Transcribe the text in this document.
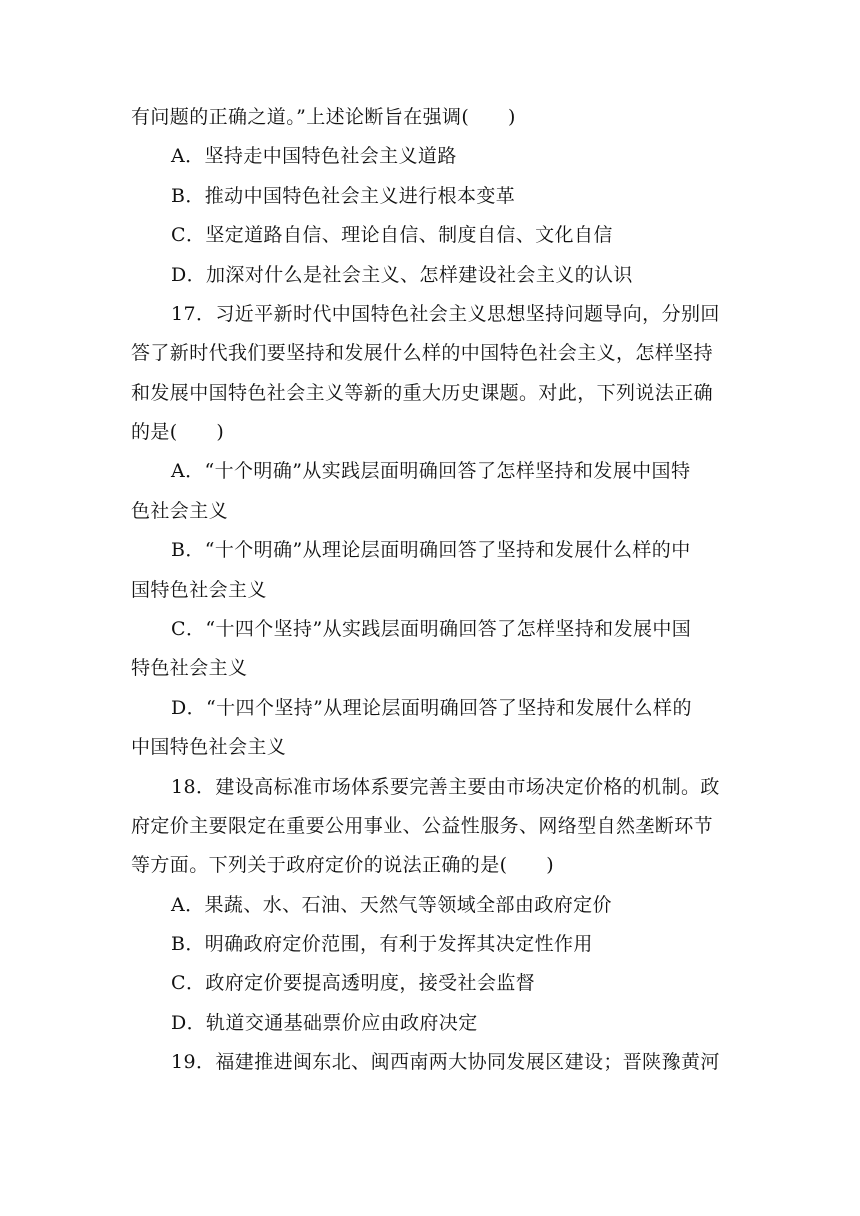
有问题的正确之道。”上述论断旨在强调(　　)
A．坚持走中国特色社会主义道路
B．推动中国特色社会主义进行根本变革
C．坚定道路自信、理论自信、制度自信、文化自信
D．加深对什么是社会主义、怎样建设社会主义的认识
17．习近平新时代中国特色社会主义思想坚持问题导向，分别回
答了新时代我们要坚持和发展什么样的中国特色社会主义，怎样坚持
和发展中国特色社会主义等新的重大历史课题。对此，下列说法正确
的是(　　)
A．“十个明确”从实践层面明确回答了怎样坚持和发展中国特
色社会主义
B．“十个明确”从理论层面明确回答了坚持和发展什么样的中
国特色社会主义
C．“十四个坚持”从实践层面明确回答了怎样坚持和发展中国
特色社会主义
D．“十四个坚持”从理论层面明确回答了坚持和发展什么样的
中国特色社会主义
18．建设高标准市场体系要完善主要由市场决定价格的机制。政
府定价主要限定在重要公用事业、公益性服务、网络型自然垄断环节
等方面。下列关于政府定价的说法正确的是(　　)
A．果蔬、水、石油、天然气等领域全部由政府定价
B．明确政府定价范围，有利于发挥其决定性作用
C．政府定价要提高透明度，接受社会监督
D．轨道交通基础票价应由政府决定
19．福建推进闽东北、闽西南两大协同发展区建设；晋陕豫黄河
